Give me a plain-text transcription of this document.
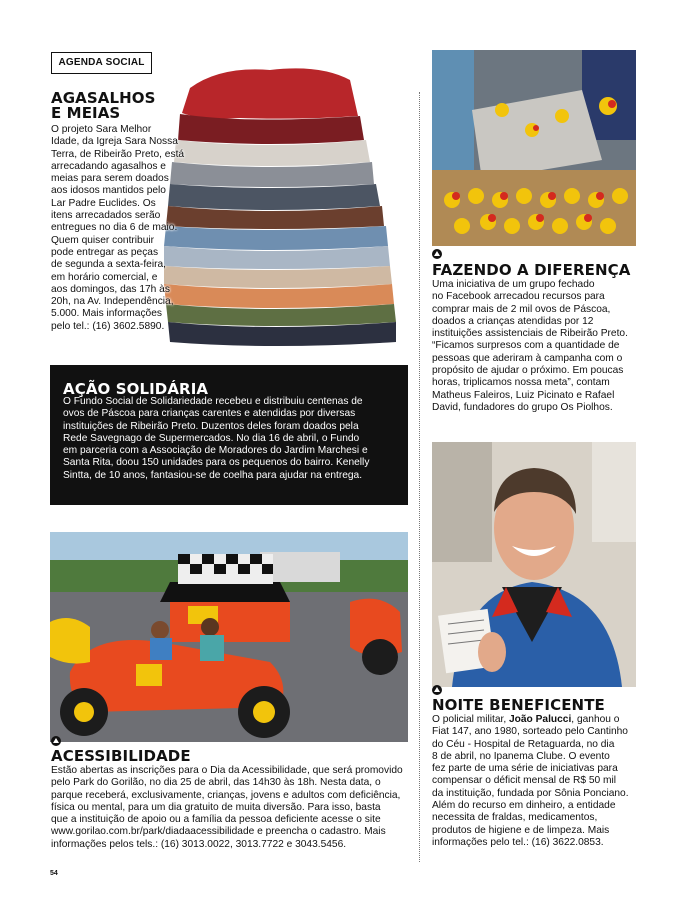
AGENDA SOCIAL
AGASALHOS
E MEIAS
O projeto Sara Melhor
Idade, da Igreja Sara Nossa
Terra, de Ribeirão Preto, está
arrecadando agasalhos e
meias para serem doados
aos idosos mantidos pelo
Lar Padre Euclides. Os
itens arrecadados serão
entregues no dia 6 de maio.
Quem quiser contribuir
pode entregar as peças
de segunda a sexta-feira,
em horário comercial, e
aos domingos, das 17h às
20h, na Av. Independência,
5.000. Mais informações
pelo tel.: (16) 3602.5890.
AÇÃO SOLIDÁRIA
O Fundo Social de Solidariedade recebeu e distribuiu centenas de
ovos de Páscoa para crianças carentes e atendidas por diversas
instituições de Ribeirão Preto. Duzentos deles foram doados pela
Rede Savegnago de Supermercados. No dia 16 de abril, o Fundo
em parceria com a Associação de Moradores do Jardim Marchesi e
Santa Rita, doou 150 unidades para os pequenos do bairro. Kenelly
Sintta, de 10 anos, fantasiou-se de coelha para ajudar na entrega.
ACESSIBILIDADE
Estão abertas as inscrições para o Dia da Acessibilidade, que será promovido
pelo Park do Gorilão, no dia 25 de abril, das 14h30 às 18h. Nesta data, o
parque receberá, exclusivamente, crianças, jovens e adultos com deficiência,
física ou mental, para um dia gratuito de muita diversão. Para isso, basta
que a instituição de apoio ou a família da pessoa deficiente acesse o site
www.gorilao.com.br/park/diadaacessibilidade e preencha o cadastro. Mais
informações pelos tels.: (16) 3013.0022, 3013.7722 e 3043.5456.
FAZENDO A DIFERENÇA
Uma iniciativa de um grupo fechado
no Facebook arrecadou recursos para
comprar mais de 2 mil ovos de Páscoa,
doados a crianças atendidas por 12
instituições assistenciais de Ribeirão Preto.
“Ficamos surpresos com a quantidade de
pessoas que aderiram à campanha com o
propósito de ajudar o próximo. Em poucas
horas, triplicamos nossa meta”, contam
Matheus Faleiros, Luiz Picinato e Rafael
David, fundadores do grupo Os Piolhos.
NOITE BENEFICENTE
O policial militar, João Palucci, ganhou o
Fiat 147, ano 1980, sorteado pelo Cantinho
do Céu - Hospital de Retaguarda, no dia
8 de abril, no Ipanema Clube. O evento
fez parte de uma série de iniciativas para
compensar o déficit mensal de R$ 50 mil
da instituição, fundada por Sônia Ponciano.
Além do recurso em dinheiro, a entidade
necessita de fraldas, medicamentos,
produtos de higiene e de limpeza. Mais
informações pelo tel.: (16) 3622.0853.
54
